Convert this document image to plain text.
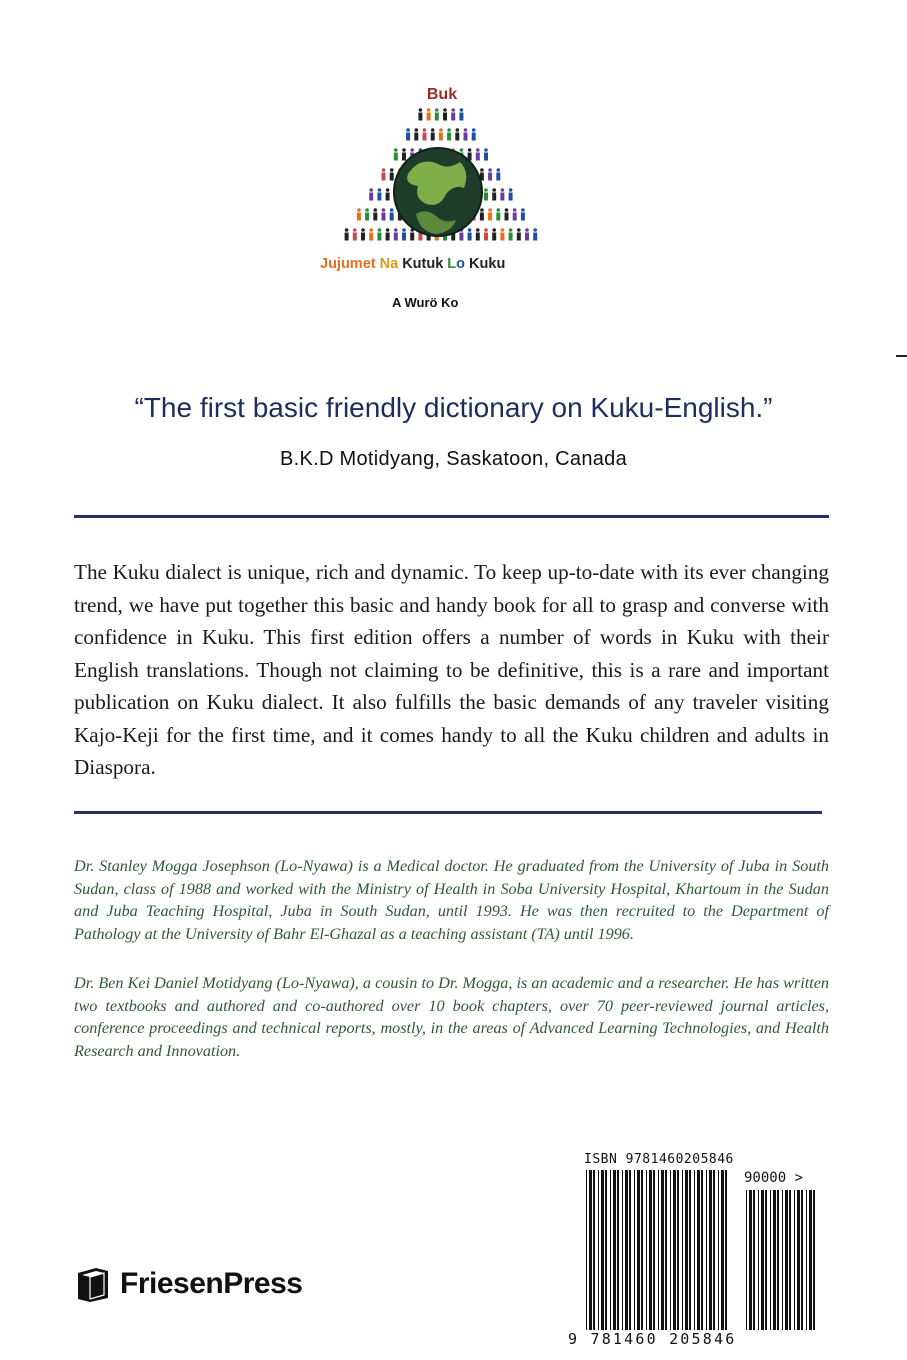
Buk
Jujumet Na Kutuk Lo Kuku
A Wurö Ko
“The first basic friendly dictionary on Kuku-English.”
B.K.D Motidyang, Saskatoon, Canada
The Kuku dialect is unique, rich and dynamic. To keep up-to-date with its ever changing trend, we have put together this basic and handy book for all to grasp and converse with confidence in Kuku. This first edition offers a number of words in Kuku with their English translations. Though not claiming to be definitive, this is a rare and important publication on Kuku dialect. It also fulfills the basic demands of any traveler visiting Kajo-Keji for the first time, and it comes handy to all the Kuku children and adults in Diaspora.
Dr. Stanley Mogga Josephson (Lo-Nyawa) is a Medical doctor. He graduated from the University of Juba in South Sudan, class of 1988 and worked with the Ministry of Health in Soba University Hospital, Khartoum in the Sudan and Juba Teaching Hospital, Juba in South Sudan, until 1993. He was then recruited to the Department of Pathology at the University of Bahr El-Ghazal as a teaching assistant (TA) until 1996.
Dr. Ben Kei Daniel Motidyang (Lo-Nyawa), a cousin to Dr. Mogga, is an academic and a researcher. He has written two textbooks and authored and co-authored over 10 book chapters, over 70 peer-reviewed journal articles, conference proceedings and technical reports, mostly, in the areas of Advanced Learning Technologies, and Health Research and Innovation.
FriesenPress
ISBN 9781460205846
90000 >
9 781460 205846
